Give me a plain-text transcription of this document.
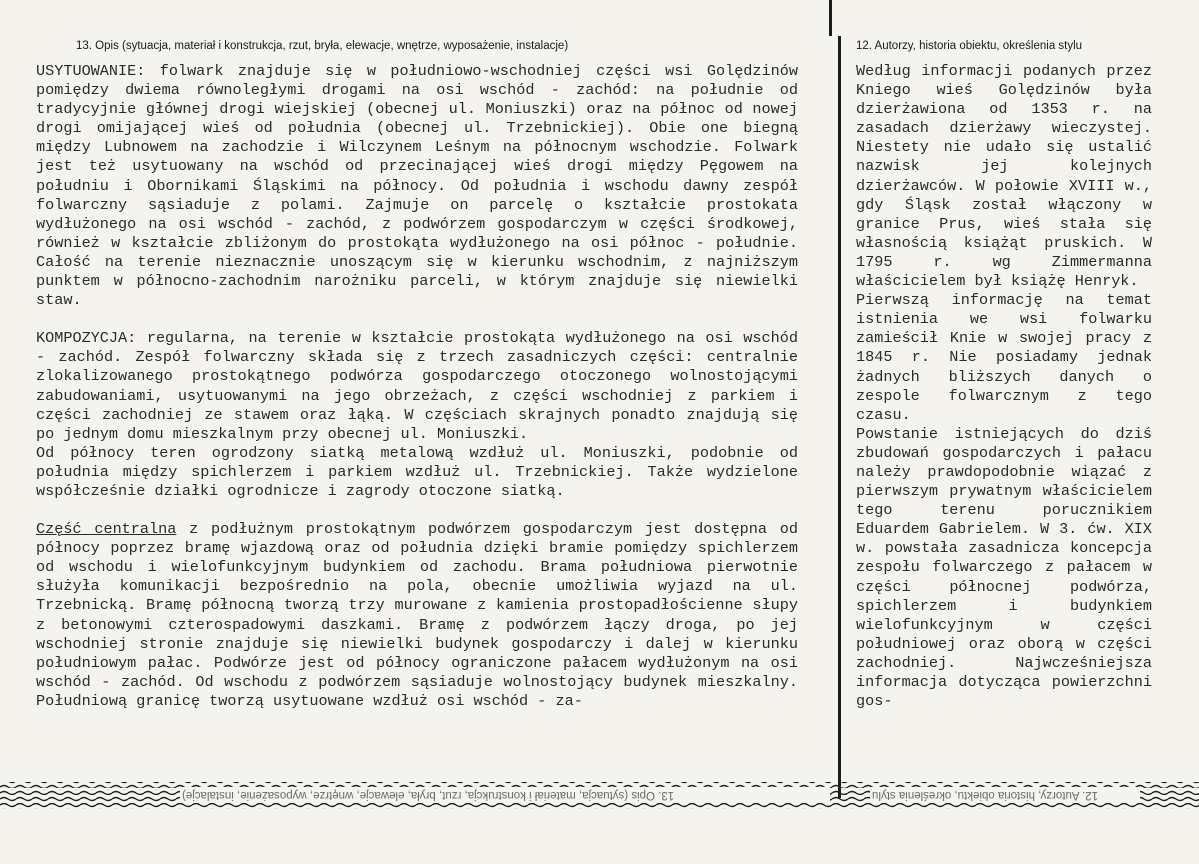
13. Opis (sytuacja, materiał i konstrukcja, rzut, bryła, elewacje, wnętrze, wyposażenie, instalacje)	12. Autorzy, historia obiektu, określenia stylu

USYTUOWANIE: folwark znajduje się w południowo-wschodniej części wsi Golędzinów pomiędzy dwiema równoległymi drogami na osi wschód - zachód: na południe od tradycyjnie głównej drogi wiejskiej (obecnej ul. Moniuszki) oraz na północ od nowej drogi omijającej wieś od południa (obecnej ul. Trzebnickiej). Obie one biegną między Lubnowem na zachodzie i Wilczynem Leśnym na północnym wschodzie. Folwark jest też usytuowany na wschód od przecinającej wieś drogi między Pęgowem na południu i Obornikami Śląskimi na północy. Od południa i wschodu dawny zespół folwarczny sąsiaduje z polami. Zajmuje on parcelę o kształcie prostokata wydłużonego na osi wschód - zachód, z podwórzem gospodarczym w części środkowej, również w kształcie zbliżonym do prostokąta wydłużonego na osi północ - południe. Całość na terenie nieznacznie unoszącym się w kierunku wschodnim, z najniższym punktem w północno-zachodnim narożniku parceli, w którym znajduje się niewielki staw.

KOMPOZYCJA: regularna, na terenie w kształcie prostokąta wydłużonego na osi wschód - zachód. Zespół folwarczny składa się z trzech zasadniczych części: centralnie zlokalizowanego prostokątnego podwórza gospodarczego otoczonego wolnostojącymi zabudowaniami, usytuowanymi na jego obrzeżach, z części wschodniej z parkiem i części zachodniej ze stawem oraz łąką. W częściach skrajnych ponadto znajdują się po jednym domu mieszkalnym przy obecnej ul. Moniuszki.

Od północy teren ogrodzony siatką metalową wzdłuż ul. Moniuszki, podobnie od południa między spichlerzem i parkiem wzdłuż ul. Trzebnickiej. Także wydzielone współcześnie działki ogrodnicze i zagrody otoczone siatką.

Część centralna z podłużnym prostokątnym podwórzem gospodarczym jest dostępna od północy poprzez bramę wjazdową oraz od południa dzięki bramie pomiędzy spichlerzem od wschodu i wielofunkcyjnym budynkiem od zachodu. Brama południowa pierwotnie służyła komunikacji bezpośrednio na pola, obecnie umożliwia wyjazd na ul. Trzebnicką. Bramę północną tworzą trzy murowane z kamienia prostopadłościenne słupy z betonowymi czterospadowymi daszkami. Bramę z podwórzem łączy droga, po jej wschodniej stronie znajduje się niewielki budynek gospodarczy i dalej w kierunku południowym pałac. Podwórze jest od północy ograniczone pałacem wydłużonym na osi wschód - zachód. Od wschodu z podwórzem sąsiaduje wolnostojący budynek mieszkalny. Południową granicę tworzą usytuowane wzdłuż osi wschód - za-

Według informacji podanych przez Kniego wieś Golędzinów była dzierżawiona od 1353 r. na zasadach dzierżawy wieczystej. Niestety nie udało się ustalić nazwisk jej kolejnych dzierżawców. W połowie XVIII w., gdy Śląsk został włączony w granice Prus, wieś stała się własnością książąt pruskich. W 1795 r. wg Zimmermanna właścicielem był książę Henryk.

Pierwszą informację na temat istnienia we wsi folwarku zamieścił Knie w swojej pracy z 1845 r. Nie posiadamy jednak żadnych bliższych danych o zespole folwarcznym z tego czasu.

Powstanie istniejących do dziś zbudowań gospodarczych i pałacu należy prawdopodobnie wiązać z pierwszym prywatnym właścicielem tego terenu porucznikiem Eduardem Gabrielem. W 3. ćw. XIX w. powstała zasadnicza koncepcja zespołu folwarczego z pałacem w części północnej podwórza, spichlerzem i budynkiem wielofunkcyjnym w części południowej oraz oborą w części zachodniej. Najwcześniejsza informacja dotycząca powierzchni gos-

13. Opis (sytuacja, materiał i konstrukcja, rzut, bryła, elewacje, wnętrze, wyposażenie, instalacje)	12. Autorzy, historia obiektu, określenia stylu
